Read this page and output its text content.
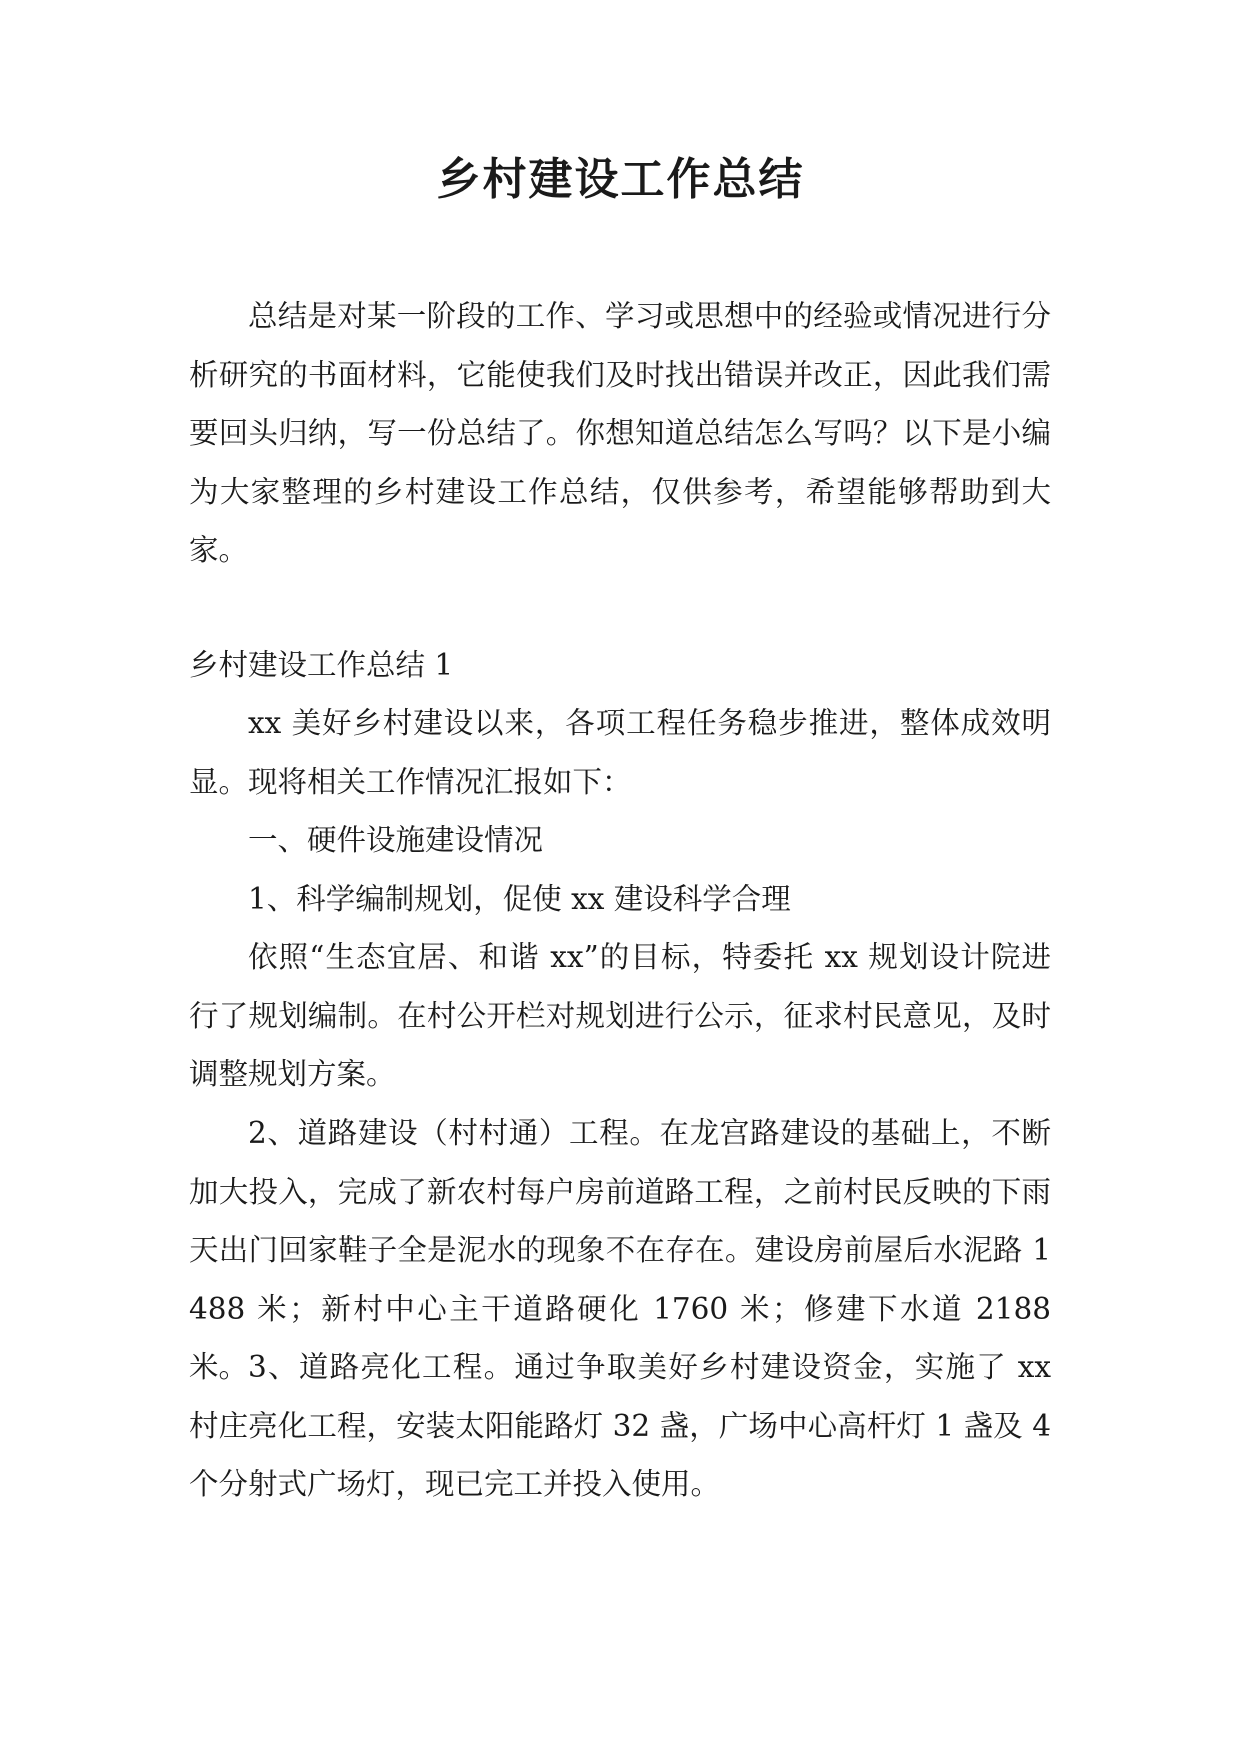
乡村建设工作总结

总结是对某一阶段的工作、学习或思想中的经验或情况进行分析研究的书面材料，它能使我们及时找出错误并改正，因此我们需要回头归纳，写一份总结了。你想知道总结怎么写吗？以下是小编为大家整理的乡村建设工作总结，仅供参考，希望能够帮助到大家。

乡村建设工作总结 1

xx 美好乡村建设以来，各项工程任务稳步推进，整体成效明显。现将相关工作情况汇报如下：

一、硬件设施建设情况

1、科学编制规划，促使 xx 建设科学合理

依照“生态宜居、和谐 xx”的目标，特委托 xx 规划设计院进行了规划编制。在村公开栏对规划进行公示，征求村民意见，及时调整规划方案。

2、道路建设（村村通）工程。在龙宫路建设的基础上，不断加大投入，完成了新农村每户房前道路工程，之前村民反映的下雨天出门回家鞋子全是泥水的现象不在存在。建设房前屋后水泥路 1488 米；新村中心主干道路硬化 1760 米；修建下水道 2188 米。 3、道路亮化工程。通过争取美好乡村建设资金，实施了 xx 村庄亮化工程，安装太阳能路灯 32 盏，广场中心高杆灯 1 盏及 4 个分射式广场灯，现已完工并投入使用。
